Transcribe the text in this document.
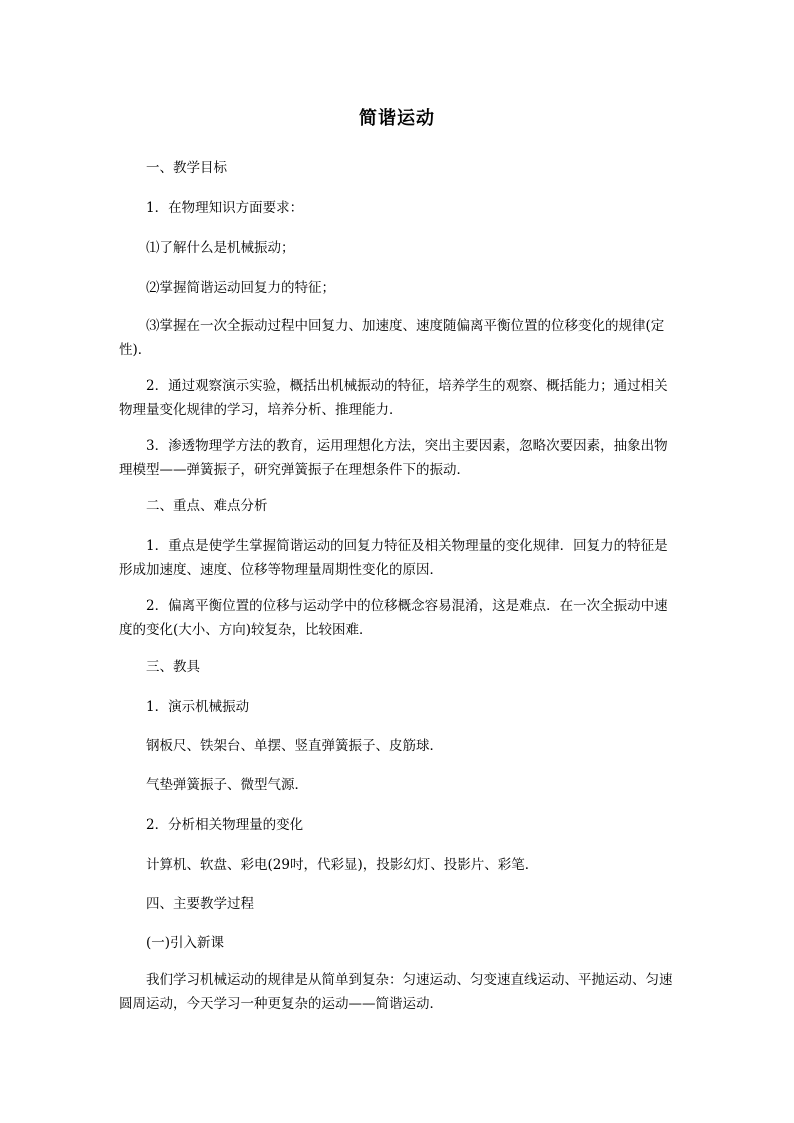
简谐运动

一、教学目标

1．在物理知识方面要求：

⑴了解什么是机械振动；

⑵掌握简谐运动回复力的特征；

⑶掌握在一次全振动过程中回复力、加速度、速度随偏离平衡位置的位移变化的规律(定性)．

2．通过观察演示实验，概括出机械振动的特征，培养学生的观察、概括能力；通过相关物理量变化规律的学习，培养分析、推理能力．

3．渗透物理学方法的教育，运用理想化方法，突出主要因素，忽略次要因素，抽象出物理模型——弹簧振子，研究弹簧振子在理想条件下的振动．

二、重点、难点分析

1．重点是使学生掌握简谐运动的回复力特征及相关物理量的变化规律．回复力的特征是形成加速度、速度、位移等物理量周期性变化的原因．

2．偏离平衡位置的位移与运动学中的位移概念容易混淆，这是难点．在一次全振动中速度的变化(大小、方向)较复杂，比较困难．

三、教具

1．演示机械振动

钢板尺、铁架台、单摆、竖直弹簧振子、皮筋球．

气垫弹簧振子、微型气源．

2．分析相关物理量的变化

计算机、软盘、彩电(29吋，代彩显)，投影幻灯、投影片、彩笔．

四、主要教学过程

(一)引入新课

我们学习机械运动的规律是从简单到复杂：匀速运动、匀变速直线运动、平抛运动、匀速圆周运动，今天学习一种更复杂的运动——简谐运动．
